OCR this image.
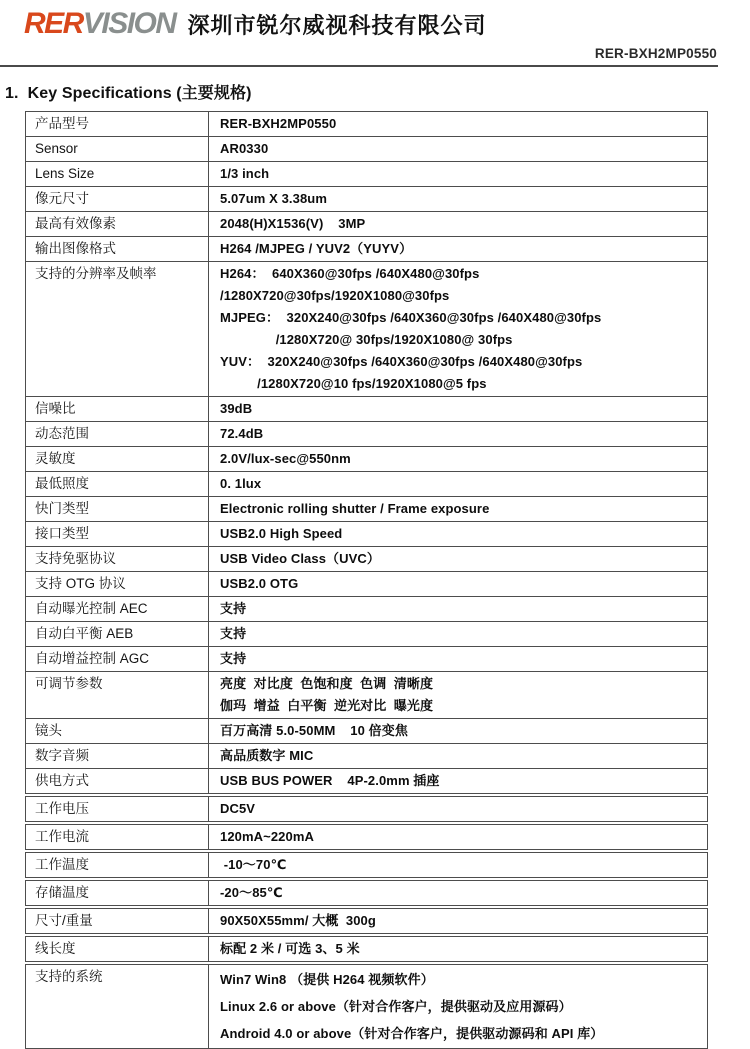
RERVISION 深圳市锐尔威视科技有限公司
RER-BXH2MP0550
1.  Key Specifications (主要规格)
产品型号	RER-BXH2MP0550
Sensor	AR0330
Lens Size	1/3 inch
像元尺寸	5.07um X 3.38um
最高有效像素	2048(H)X1536(V)    3MP
输出图像格式	H264 /MJPEG / YUV2（YUYV）
支持的分辨率及帧率	H264：  640X360@30fps /640X480@30fps /1280X720@30fps/1920X1080@30fps
MJPEG：  320X240@30fps /640X360@30fps /640X480@30fps
/1280X720@ 30fps/1920X1080@ 30fps
YUV：  320X240@30fps /640X360@30fps /640X480@30fps
/1280X720@10 fps/1920X1080@5 fps
信噪比	39dB
动态范围	72.4dB
灵敏度	2.0V/lux-sec@550nm
最低照度	0. 1lux
快门类型	Electronic rolling shutter / Frame exposure
接口类型	USB2.0 High Speed
支持免驱协议	USB Video Class（UVC）
支持 OTG 协议	USB2.0 OTG
自动曝光控制 AEC	支持
自动白平衡 AEB	支持
自动增益控制 AGC	支持
可调节参数	亮度  对比度  色饱和度  色调  清晰度
伽玛  增益  白平衡  逆光对比  曝光度
镜头	百万高清 5.0-50MM    10 倍变焦
数字音频	高品质数字 MIC
供电方式	USB BUS POWER    4P-2.0mm 插座
工作电压	DC5V
工作电流	120mA~220mA
工作温度	-10～70℃
存储温度	-20～85℃
尺寸/重量	90X50X55mm/ 大概  300g
线长度	标配 2 米 / 可选 3、5 米
支持的系统	Win7 Win8 （提供 H264 视频软件）
Linux 2.6 or above（针对合作客户，提供驱动及应用源码）
Android 4.0 or above（针对合作客户，提供驱动源码和 API 库）
